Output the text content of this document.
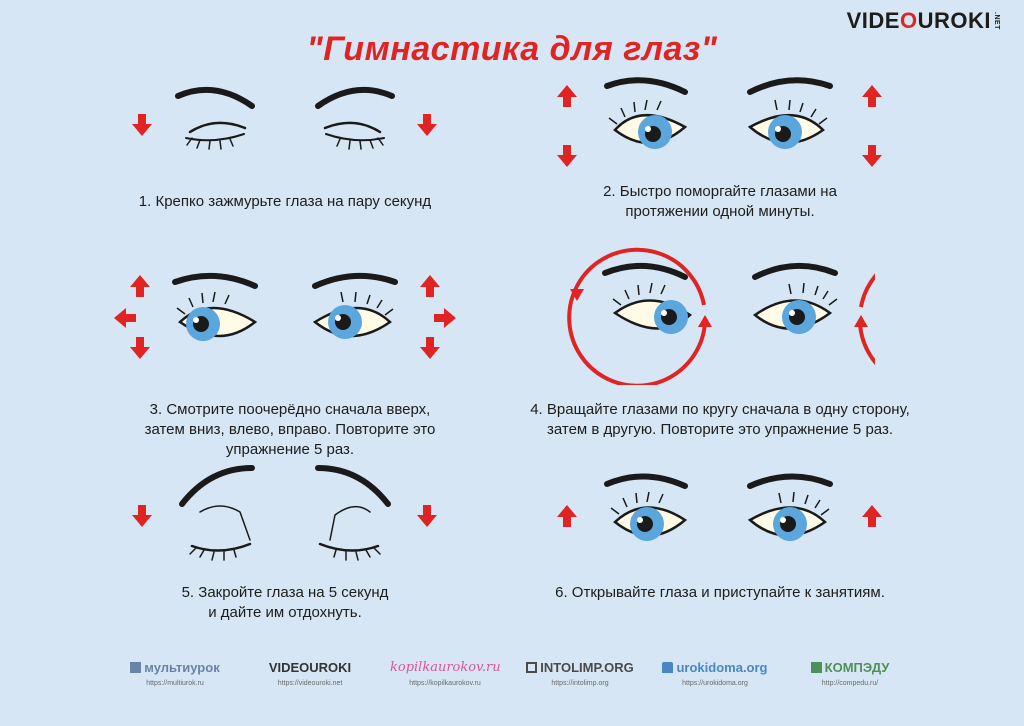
VIDE O UROKI .NET
"Гимнастика для глаз"
1. Крепко зажмурьте глаза на пару секунд
2. Быстро поморгайте глазами на
протяжении одной минуты.
3. Смотрите поочерёдно сначала вверх,
затем вниз, влево, вправо. Повторите это
упражнение 5 раз.
4. Вращайте глазами по кругу сначала в одну сторону,
затем в другую. Повторите это упражнение 5 раз.
5. Закройте глаза на 5 секунд
и дайте им отдохнуть.
6. Открывайте глаза и приступайте к занятиям.
мультиурок
https://multiurok.ru
VIDEOUROKI
https://videouroki.net
kopilkaurokov.ru
https://kopilkaurokov.ru
INTOLIMP.ORG
https://intolimp.org
urokidoma.org
https://urokidoma.org
КОМПЭДУ
http://compedu.ru/
